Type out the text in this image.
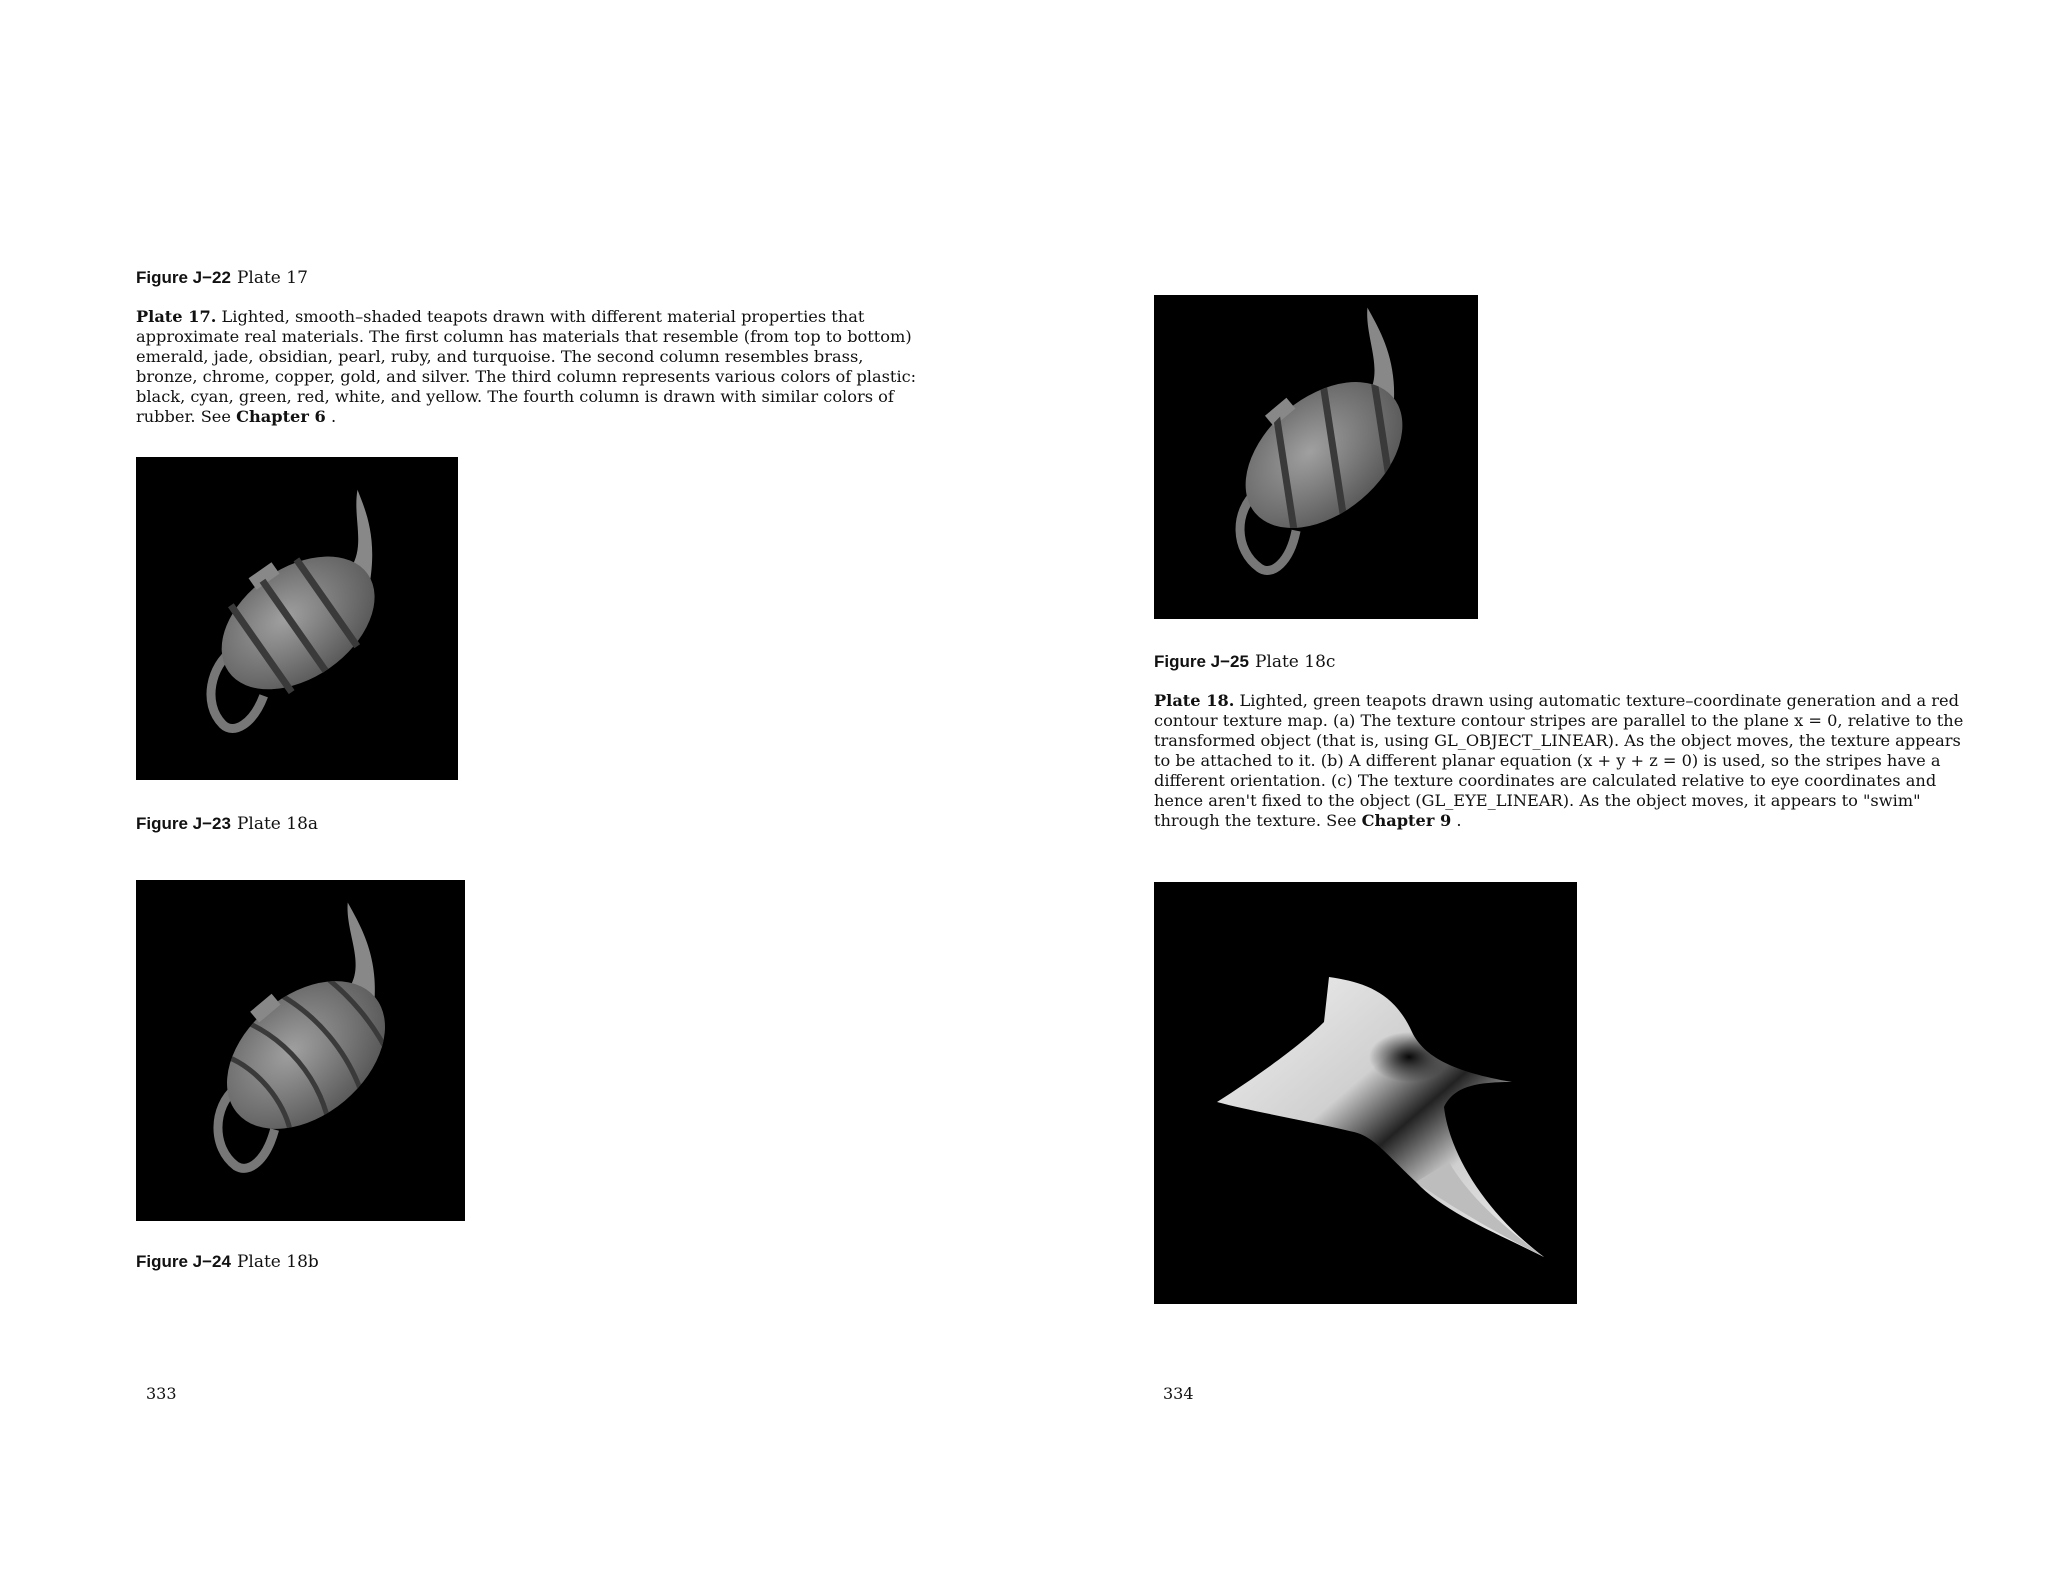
Figure J−22 Plate 17
Plate 17. Lighted, smooth–shaded teapots drawn with different material properties that approximate real materials. The first column has materials that resemble (from top to bottom) emerald, jade, obsidian, pearl, ruby, and turquoise. The second column resembles brass, bronze, chrome, copper, gold, and silver. The third column represents various colors of plastic: black, cyan, green, red, white, and yellow. The fourth column is drawn with similar colors of rubber. See Chapter 6 .
Figure J−23 Plate 18a
Figure J−24 Plate 18b
333
Figure J−25 Plate 18c
Plate 18. Lighted, green teapots drawn using automatic texture–coordinate generation and a red contour texture map. (a) The texture contour stripes are parallel to the plane x = 0, relative to the transformed object (that is, using GL_OBJECT_LINEAR). As the object moves, the texture appears to be attached to it. (b) A different planar equation (x + y + z = 0) is used, so the stripes have a different orientation. (c) The texture coordinates are calculated relative to eye coordinates and hence aren't fixed to the object (GL_EYE_LINEAR). As the object moves, it appears to "swim" through the texture. See Chapter 9 .
334
